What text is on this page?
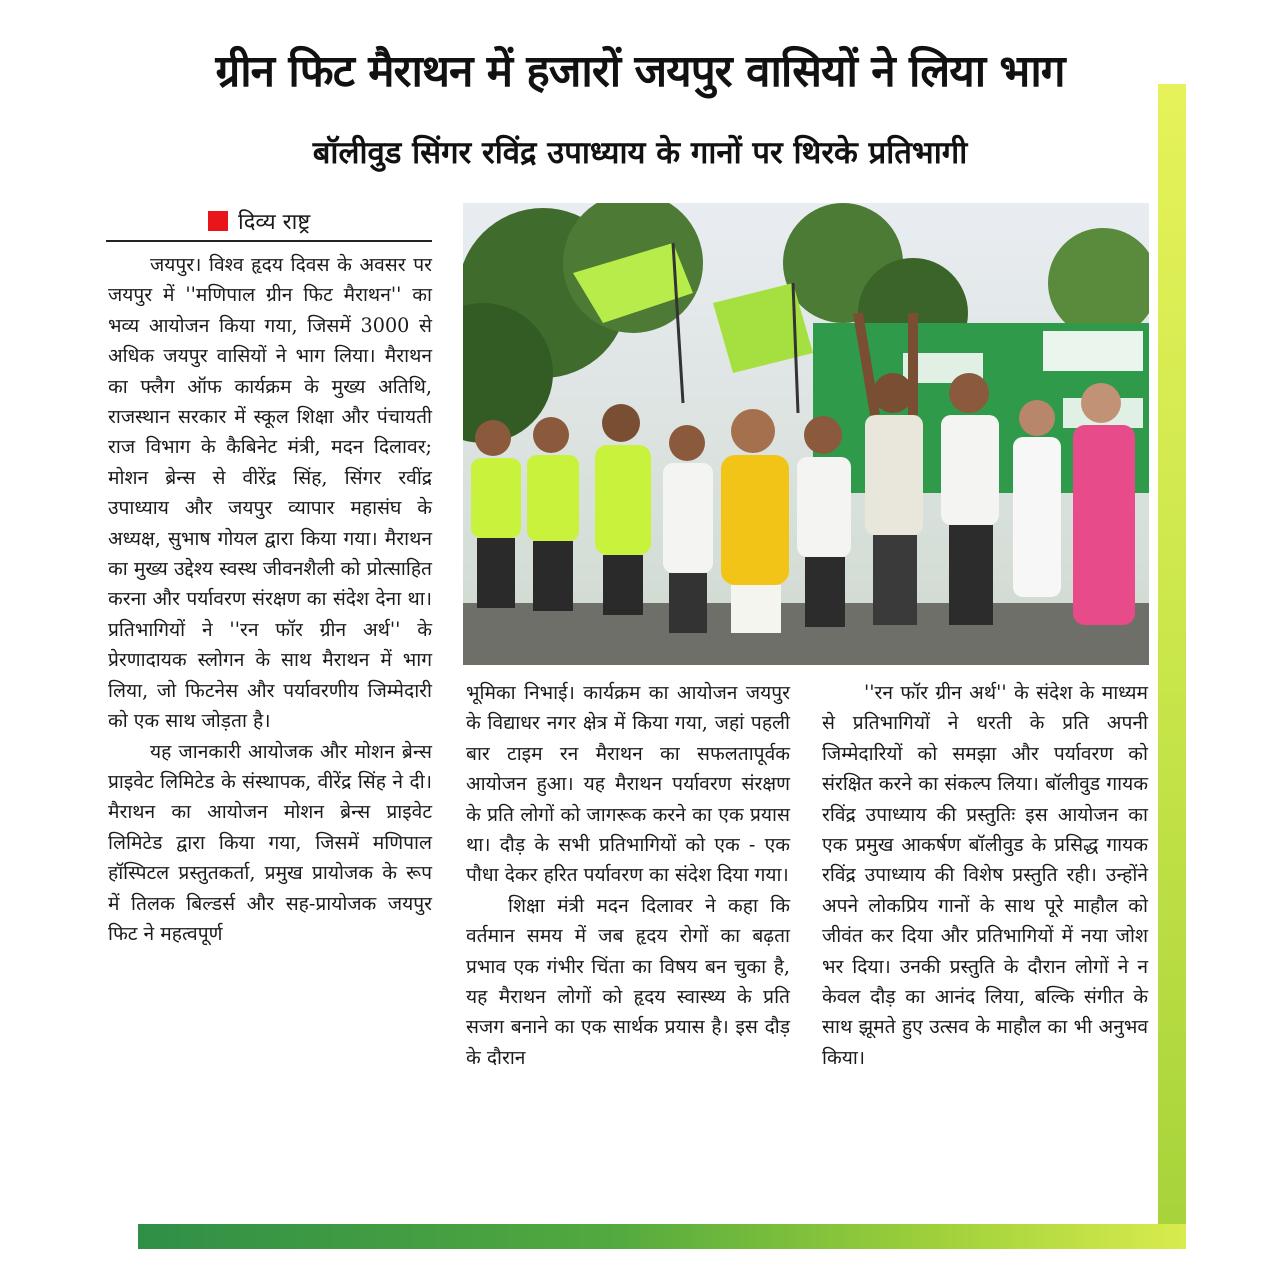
ग्रीन फिट मैराथन में हजारों जयपुर वासियों ने लिया भाग
बॉलीवुड सिंगर रविंद्र उपाध्याय के गानों पर थिरके प्रतिभागी
दिव्य राष्ट्र

जयपुर। विश्व हृदय दिवस के अवसर पर जयपुर में ''मणिपाल ग्रीन फिट मैराथन'' का भव्य आयोजन किया गया, जिसमें 3000 से अधिक जयपुर वासियों ने भाग लिया। मैराथन का फ्लैग ऑफ कार्यक्रम के मुख्य अतिथि, राजस्थान सरकार में स्कूल शिक्षा और पंचायती राज विभाग के कैबिनेट मंत्री, मदन दिलावर; मोशन ब्रेन्स से वीरेंद्र सिंह, सिंगर रवींद्र उपाध्याय और जयपुर व्यापार महासंघ के अध्यक्ष, सुभाष गोयल द्वारा किया गया। मैराथन का मुख्य उद्देश्य स्वस्थ जीवनशैली को प्रोत्साहित करना और पर्यावरण संरक्षण का संदेश देना था। प्रतिभागियों ने ''रन फॉर ग्रीन अर्थ'' के प्रेरणादायक स्लोगन के साथ मैराथन में भाग लिया, जो फिटनेस और पर्यावरणीय जिम्मेदारी को एक साथ जोड़ता है।

यह जानकारी आयोजक और मोशन ब्रेन्स प्राइवेट लिमिटेड के संस्थापक, वीरेंद्र सिंह ने दी। मैराथन का आयोजन मोशन ब्रेन्स प्राइवेट लिमिटेड द्वारा किया गया, जिसमें मणिपाल हॉस्पिटल प्रस्तुतकर्ता, प्रमुख प्रायोजक के रूप में तिलक बिल्डर्स और सह-प्रायोजक जयपुर फिट ने महत्वपूर्ण

भूमिका निभाई। कार्यक्रम का आयोजन जयपुर के विद्याधर नगर क्षेत्र में किया गया, जहां पहली बार टाइम रन मैराथन का सफलतापूर्वक आयोजन हुआ। यह मैराथन पर्यावरण संरक्षण के प्रति लोगों को जागरूक करने का एक प्रयास था। दौड़ के सभी प्रतिभागियों को एक - एक पौधा देकर हरित पर्यावरण का संदेश दिया गया।

शिक्षा मंत्री मदन दिलावर ने कहा कि वर्तमान समय में जब हृदय रोगों का बढ़ता प्रभाव एक गंभीर चिंता का विषय बन चुका है, यह मैराथन लोगों को हृदय स्वास्थ्य के प्रति सजग बनाने का एक सार्थक प्रयास है। इस दौड़ के दौरान

''रन फॉर ग्रीन अर्थ'' के संदेश के माध्यम से प्रतिभागियों ने धरती के प्रति अपनी जिम्मेदारियों को समझा और पर्यावरण को संरक्षित करने का संकल्प लिया। बॉलीवुड गायक रविंद्र उपाध्याय की प्रस्तुतिः इस आयोजन का एक प्रमुख आकर्षण बॉलीवुड के प्रसिद्ध गायक रविंद्र उपाध्याय की विशेष प्रस्तुति रही। उन्होंने अपने लोकप्रिय गानों के साथ पूरे माहौल को जीवंत कर दिया और प्रतिभागियों में नया जोश भर दिया। उनकी प्रस्तुति के दौरान लोगों ने न केवल दौड़ का आनंद लिया, बल्कि संगीत के साथ झूमते हुए उत्सव के माहौल का भी अनुभव किया।
